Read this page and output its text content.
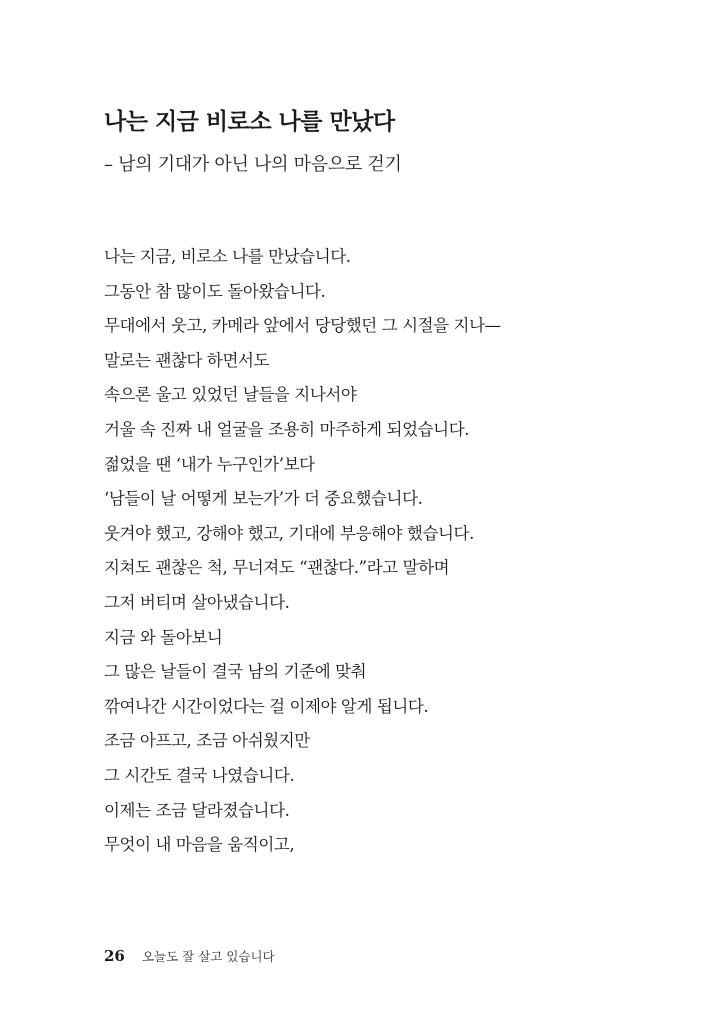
나는 지금 비로소 나를 만났다

– 남의 기대가 아닌 나의 마음으로 걷기

나는 지금, 비로소 나를 만났습니다.
그동안 참 많이도 돌아왔습니다.
무대에서 웃고, 카메라 앞에서 당당했던 그 시절을 지나—
말로는 괜찮다 하면서도
속으론 울고 있었던 날들을 지나서야
거울 속 진짜 내 얼굴을 조용히 마주하게 되었습니다.
젊었을 땐 ‘내가 누구인가’보다
‘남들이 날 어떻게 보는가’가 더 중요했습니다.
웃겨야 했고, 강해야 했고, 기대에 부응해야 했습니다.
지쳐도 괜찮은 척, 무너져도 “괜찮다.”라고 말하며
그저 버티며 살아냈습니다.
지금 와 돌아보니
그 많은 날들이 결국 남의 기준에 맞춰
깎여나간 시간이었다는 걸 이제야 알게 됩니다.
조금 아프고, 조금 아쉬웠지만
그 시간도 결국 나였습니다.
이제는 조금 달라졌습니다.
무엇이 내 마음을 움직이고,
26 오늘도 잘 살고 있습니다
